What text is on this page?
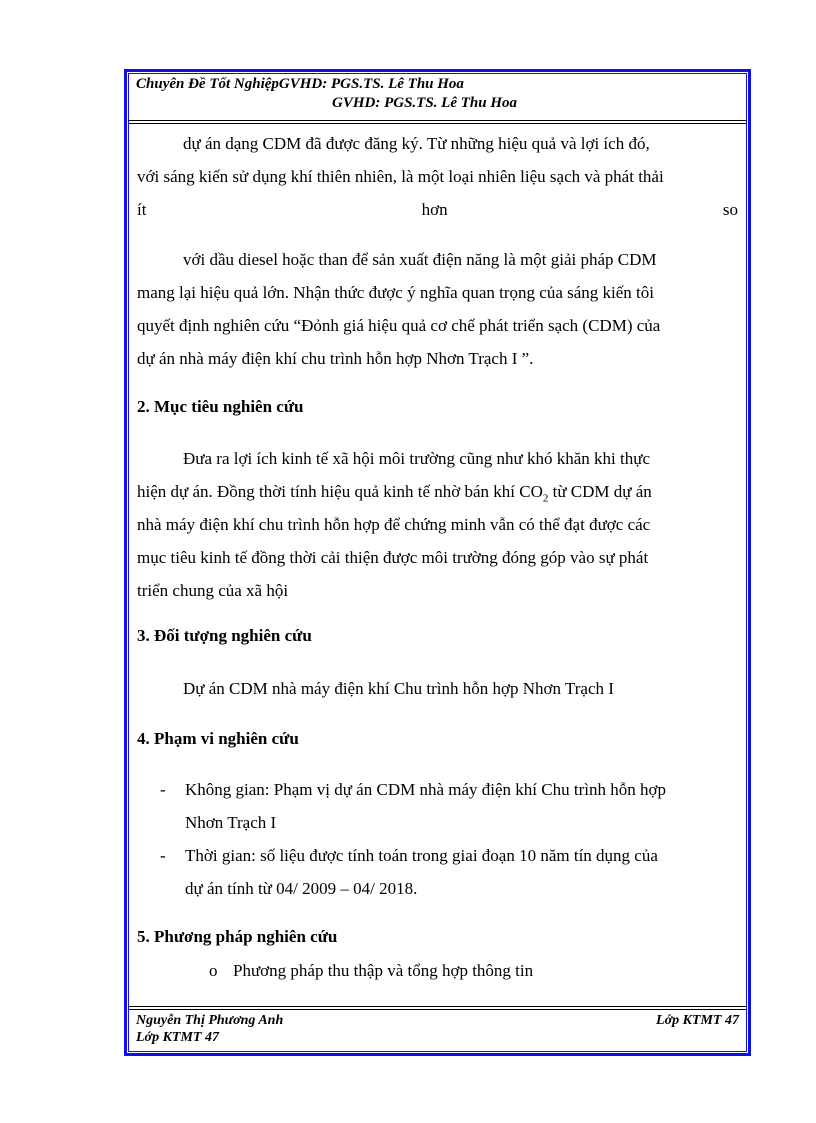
Chuyên Đề Tốt NghiệpGVHD: PGS.TS. Lê Thu Hoa
GVHD: PGS.TS. Lê Thu Hoa
dự án dạng CDM đã được đăng ký. Từ những hiệu quả và lợi ích đó,
với sáng kiến sử dụng khí thiên nhiên, là một loại nhiên liệu sạch và phát thải
ít	hơn	so
với dầu diesel hoặc than để sản xuất điện năng là một giải pháp CDM
mang lại hiệu quả lớn. Nhận thức được ý nghĩa quan trọng của sáng kiến tôi
quyết định nghiên cứu “Đỏnh giá hiệu quả cơ chế phát triển sạch (CDM) của
dự án nhà máy điện khí chu trình hỗn hợp Nhơn Trạch I ”.
2. Mục tiêu nghiên cứu
Đưa ra lợi ích kinh tế xã hội môi trường cũng như khó khăn khi thực
hiện dự án. Đồng thời tính hiệu quả kinh tế nhờ bán khí $CO_2$ từ CDM dự án
nhà máy điện khí chu trình hỗn hợp để chứng minh vẫn có thể đạt được các
mục tiêu kinh tế đồng thời cải thiện được môi trường đóng góp vào sự phát
triển chung của xã hội
3. Đối tượng nghiên cứu
Dự án CDM nhà máy điện khí Chu trình hỗn hợp Nhơn Trạch I
4. Phạm vi nghiên cứu
- Không gian: Phạm vị dự án CDM nhà máy điện khí Chu trình hỗn hợp
Nhơn Trạch I
- Thời gian: số liệu được tính toán trong giai đoạn 10 năm tín dụng của
dự án tính từ 04/ 2009 – 04/ 2018.
5. Phương pháp nghiên cứu
o Phương pháp thu thập và tổng hợp thông tin
Nguyễn Thị Phương Anh
Lớp KTMT 47
Lớp KTMT 47
